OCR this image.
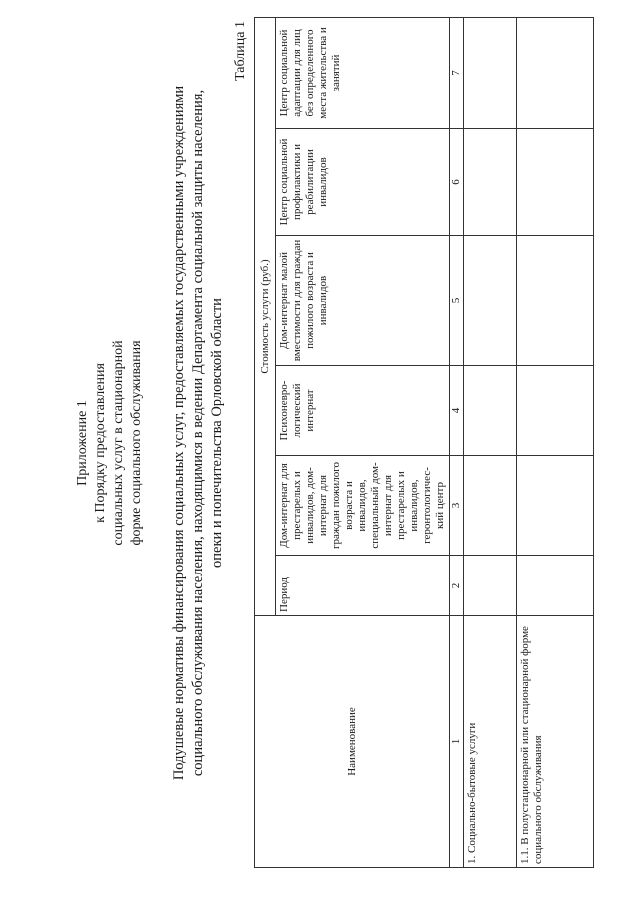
Приложение 1 к Порядку предоставления социальных услуг в стационарной форме социального обслуживания Подушевые нормативы финансирования социальных услуг, предоставляемых государственными учреждениями социального обслуживания населения, находящимися в ведении Департамента социальной защиты населения, опеки и попечительства Орловской области
Таблица 1
Наименование	Стоимость услуги (руб.)					
	Период	Дом-интернат для престарелых и инвалидов, дом-интернат для граждан пожилого возраста и инвалидов, специальный дом-интернат для престарелых и инвалидов, геронтологичес-кий центр	Психоневро-логический интернат	Дом-интернат малой вместимости для граждан пожилого возраста и инвалидов	Центр социальной профилактики и реабилитации инвалидов	Центр социальной адаптации для лиц без определенного места жительства и занятий
1	2	3	4	5	6	7
1. Социально-бытовые услуги						
1.1. В полустационарной или стационарной форме социального обслуживания						
